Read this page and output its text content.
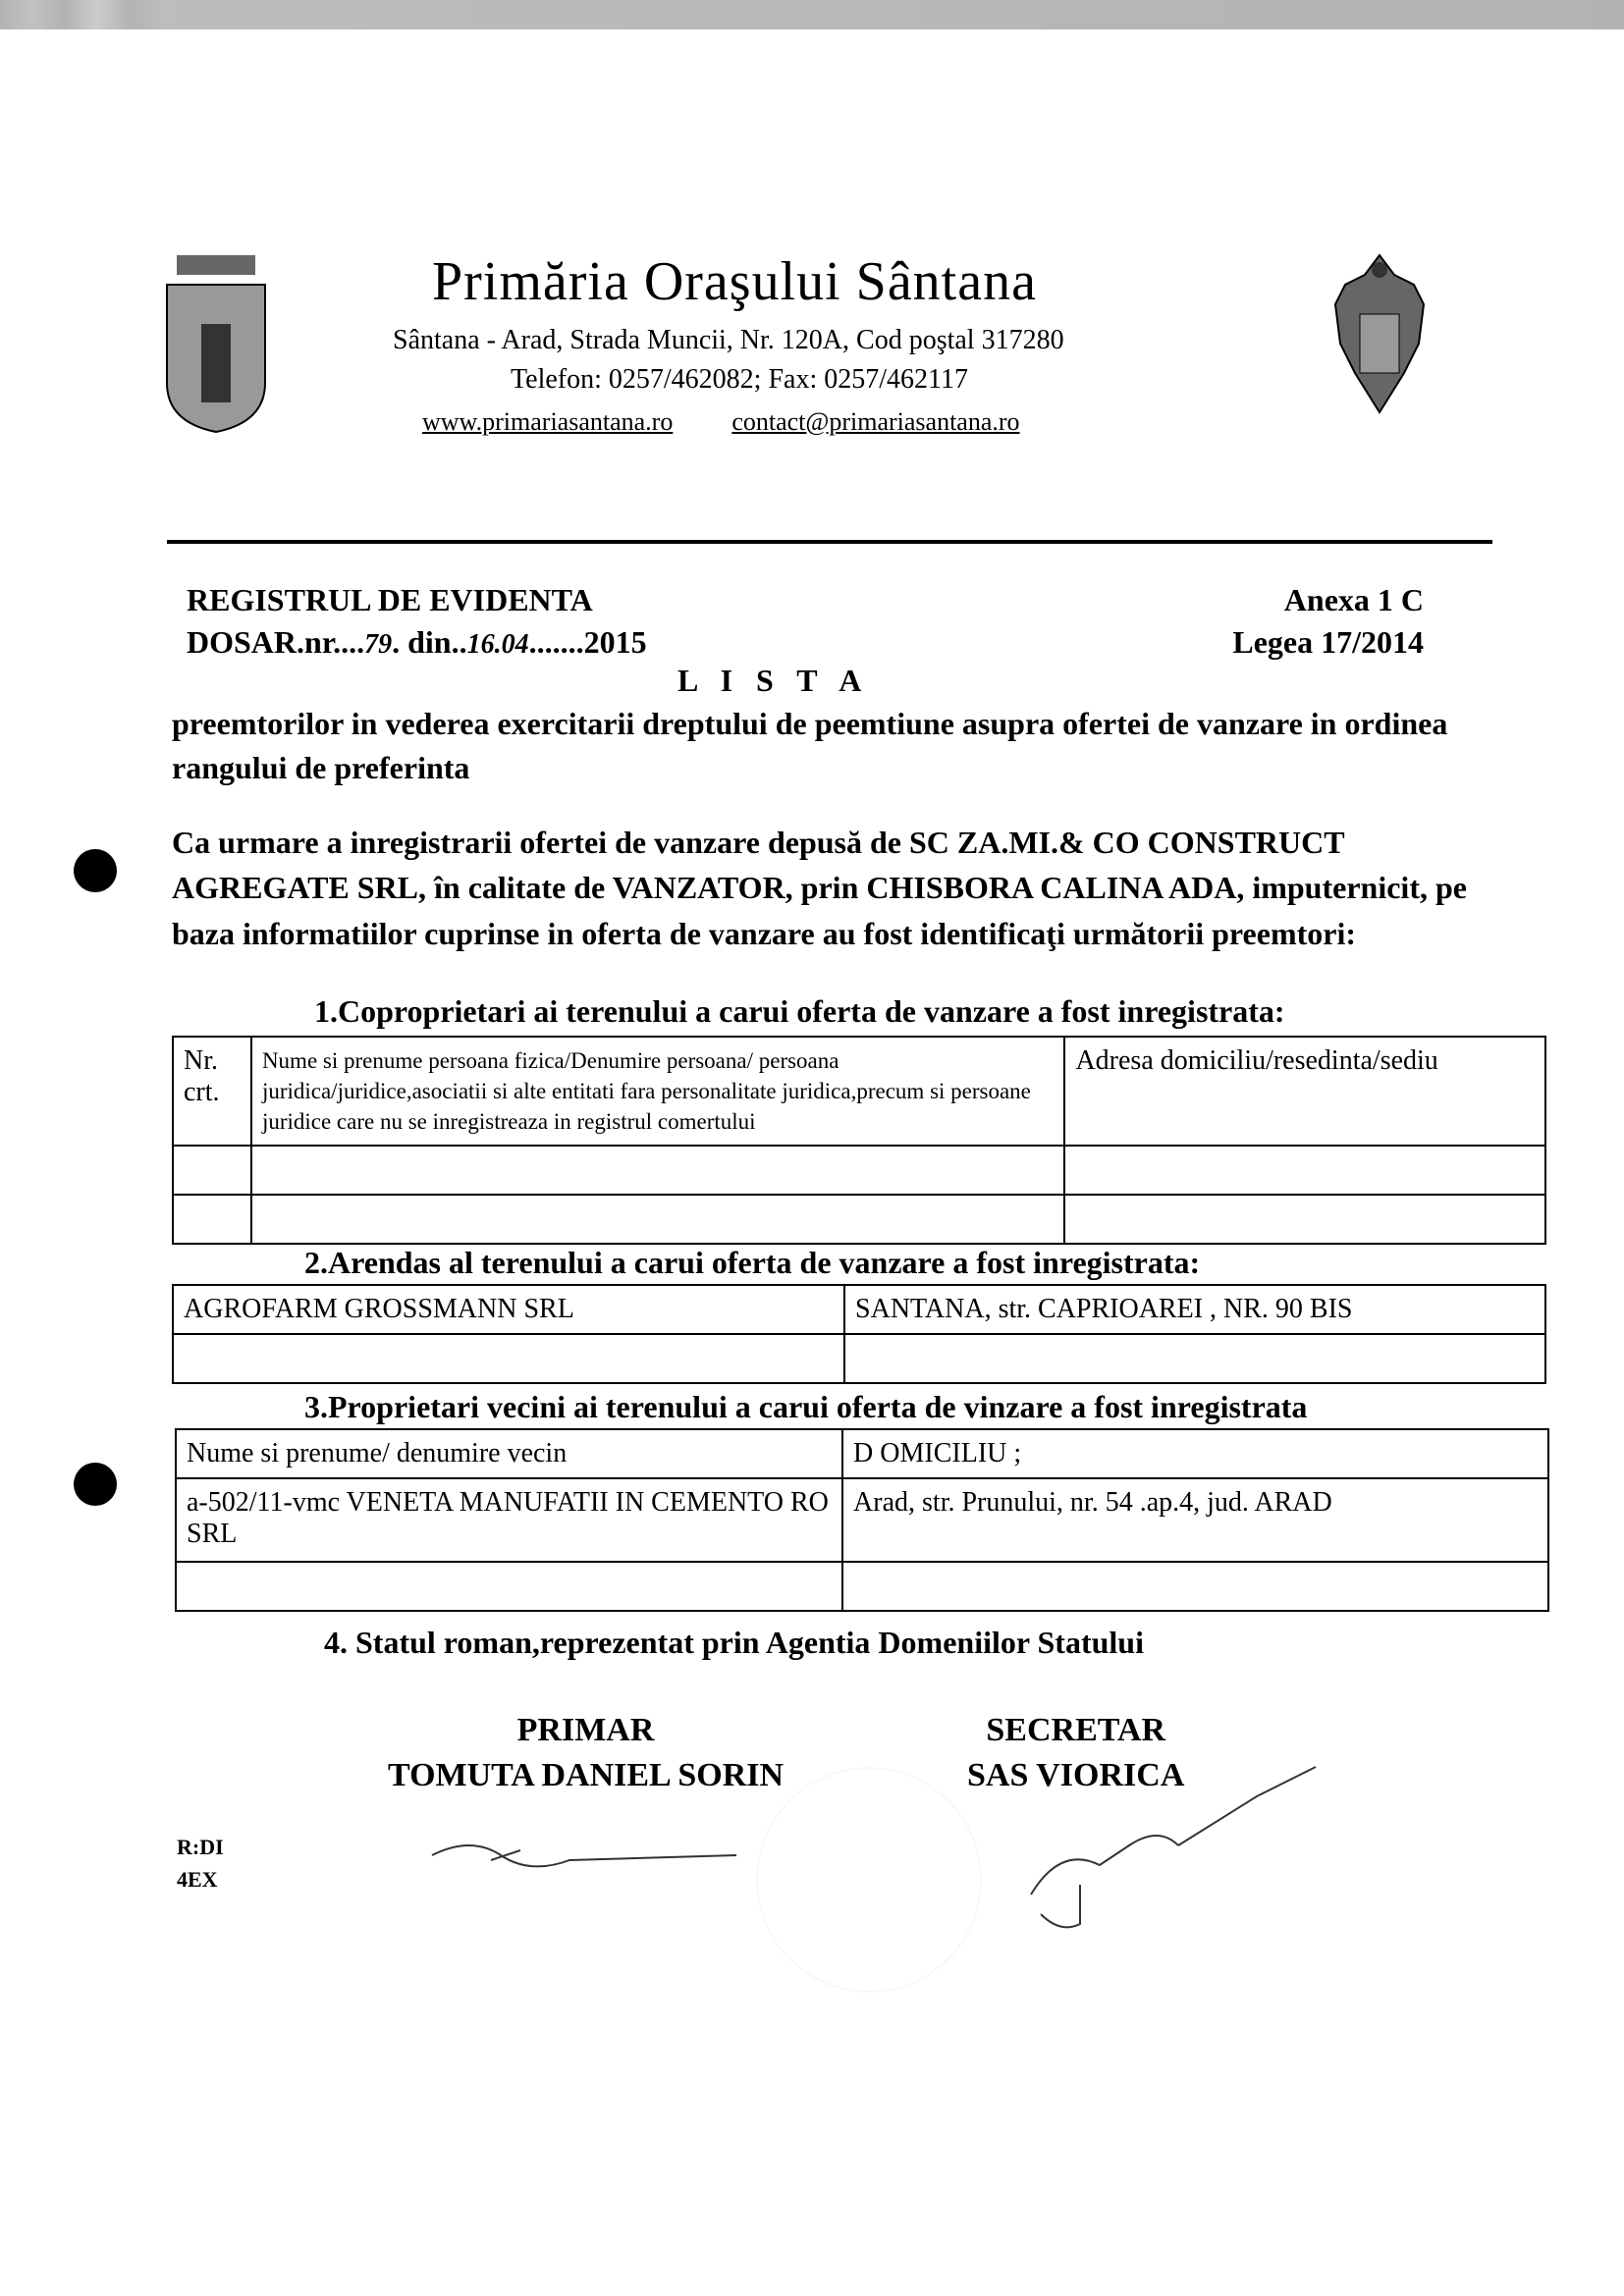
Primăria Oraşului Sântana
Sântana - Arad, Strada Muncii, Nr. 120A, Cod poştal 317280
Telefon: 0257/462082; Fax: 0257/462117
www.primariasantana.ro contact@primariasantana.ro
REGISTRUL DE EVIDENTA
DOSAR.nr....79. din..16.04.......2015
Anexa 1 C
Legea 17/2014
L I S T A
preemtorilor in vederea exercitarii dreptului de peemtiune asupra ofertei de vanzare in ordinea rangului de preferinta
Ca urmare a inregistrarii ofertei de vanzare depusă de SC ZA.MI.& CO CONSTRUCT AGREGATE SRL, în calitate de VANZATOR, prin CHISBORA CALINA ADA, imputernicit, pe baza informatiilor cuprinse in oferta de vanzare au fost identificaţi următorii preemtori:
1.Coproprietari ai terenului a carui oferta de vanzare a fost inregistrata:
Nr. crt.	Nume si prenume persoana fizica/Denumire persoana/ persoana juridica/juridice,asociatii si alte entitati fara personalitate juridica,precum si persoane juridice care nu se inregistreaza in registrul comertului	Adresa domiciliu/resedinta/sediu

2.Arendas al terenului a carui oferta de vanzare a fost inregistrata:
AGROFARM GROSSMANN SRL	SANTANA, str. CAPRIOAREI , NR. 90 BIS

3.Proprietari vecini ai terenului a carui oferta de vinzare a fost inregistrata
Nume si prenume/ denumire vecin	D OMICILIU ;
a-502/11-vmc VENETA MANUFATII IN CEMENTO RO SRL	Arad, str. Prunului, nr. 54 .ap.4, jud. ARAD

4. Statul roman,reprezentat prin Agentia Domeniilor Statului
PRIMAR
TOMUTA DANIEL SORIN
SECRETAR
SAS VIORICA
R:DI
4EX
